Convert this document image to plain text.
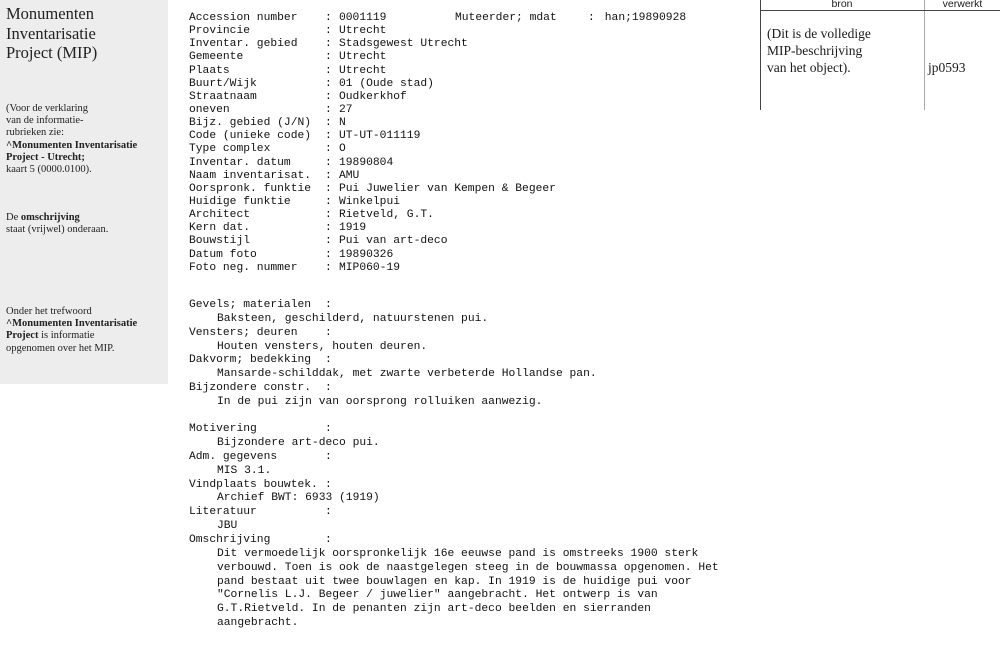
Monumenten
Inventarisatie
Project (MIP)
(Voor de verklaring
van de informatie-
rubrieken zie:
^Monumenten Inventarisatie
Project - Utrecht;
kaart 5 (0000.0100).
De omschrijving
staat (vrijwel) onderaan.
Onder het trefwoord
^Monumenten Inventarisatie
Project is informatie
opgenomen over het MIP.
Muteerder; mdat	: han;19890928
Accession number	: 0001119
Provincie	: Utrecht
Inventar. gebied	: Stadsgewest Utrecht
Gemeente	: Utrecht
Plaats	: Utrecht
Buurt/Wijk	: 01 (Oude stad)
Straatnaam	: Oudkerkhof
oneven	: 27
Bijz. gebied (J/N)	: N
Code (unieke code)	: UT-UT-011119
Type complex	: O
Inventar. datum	: 19890804
Naam inventarisat.	: AMU
Oorspronk. funktie	: Pui Juwelier van Kempen & Begeer
Huidige funktie	: Winkelpui
Architect	: Rietveld, G.T.
Kern dat.	: 1919
Bouwstijl	: Pui van art-deco
Datum foto	: 19890326
Foto neg. nummer	: MIP060-19
Gevels; materialen :
Baksteen, geschilderd, natuurstenen pui.
Vensters; deuren :
Houten vensters, houten deuren.
Dakvorm; bedekking :
Mansarde-schilddak, met zwarte verbeterde Hollandse pan.
Bijzondere constr. :
In de pui zijn van oorsprong rolluiken aanwezig.
Motivering	:
Bijzondere art-deco pui.
Adm. gegevens	:
MIS 3.1.
Vindplaats bouwtek. :
Archief BWT: 6933 (1919)
Literatuur	:
JBU
Omschrijving	:
Dit vermoedelijk oorspronkelijk 16e eeuwse pand is omstreeks 1900 sterk
verbouwd. Toen is ook de naastgelegen steeg in de bouwmassa opgenomen. Het
pand bestaat uit twee bouwlagen en kap. In 1919 is de huidige pui voor
"Cornelis L.J. Begeer / juwelier" aangebracht. Het ontwerp is van
G.T.Rietveld. In de penanten zijn art-deco beelden en sierranden
aangebracht.
bron	verwerkt
(Dit is de volledige
MIP-beschrijving
van het object).	jp0593
